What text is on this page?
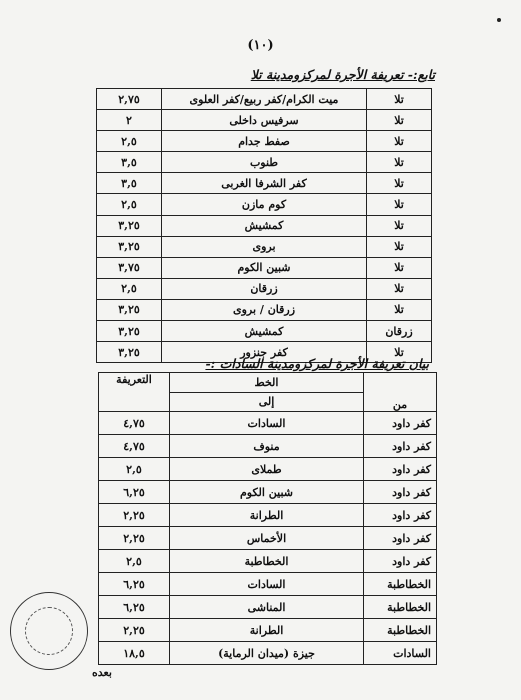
(١٠)
تابع:- تعريفة الأجرة لمركزومدينة تلا
تلا	ميت الكرام/كفر ربيع/كفر العلوى	٢,٧٥
تلا	سرفيس داخلى	٢
تلا	صفط جدام	٢,٥
تلا	طنوب	٣,٥
تلا	كفر الشرفا الغربى	٣,٥
تلا	كوم مازن	٢,٥
تلا	كمشيش	٣,٢٥
تلا	بروى	٣,٢٥
تلا	شبين الكوم	٣,٧٥
تلا	زرقان	٢,٥
تلا	زرقان / بروى	٣,٢٥
زرقان	كمشيش	٣,٢٥
تلا	كفر جنزور	٣,٢٥
بيان تعريفة الأجرة لمركزومدينة السادات :-
من	الخط	التعريفة
	إلى	
كفر داود	السادات	٤,٧٥
كفر داود	منوف	٤,٧٥
كفر داود	طملاى	٢,٥
كفر داود	شبين الكوم	٦,٢٥
كفر داود	الطرانة	٢,٢٥
كفر داود	الأخماس	٢,٢٥
كفر داود	الخطاطبة	٢,٥
الخطاطبة	السادات	٦,٢٥
الخطاطبة	المناشى	٦,٢٥
الخطاطبة	الطرانة	٢,٢٥
السادات	جيزة (ميدان الرماية)	١٨,٥
بعده
